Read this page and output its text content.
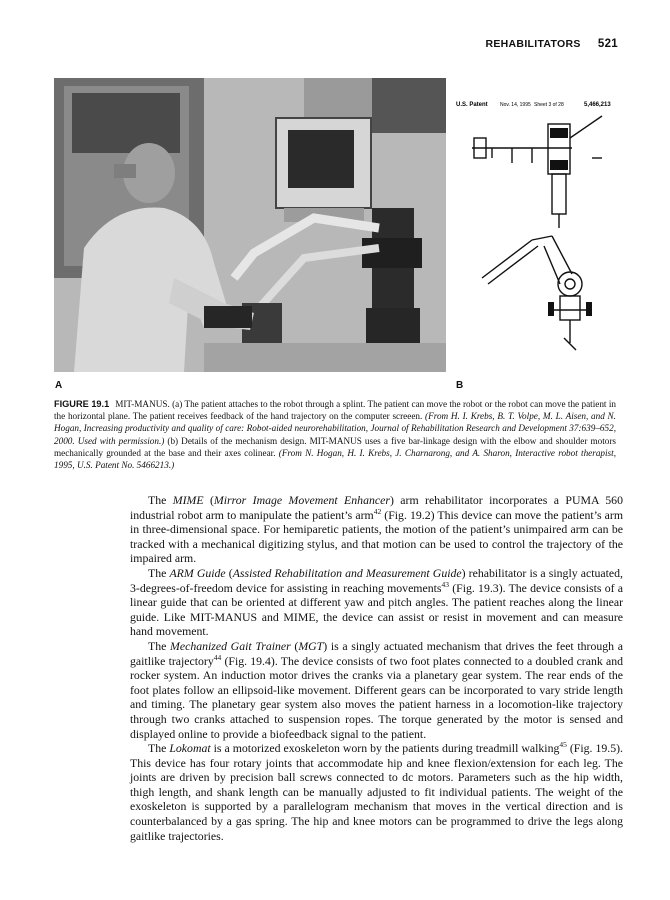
REHABILITATORS 521
U.S. Patent Nov. 14, 1995 Sheet 3 of 28	5,466,213
A	B
FIGURE 19.1 MIT-MANUS. (a) The patient attaches to the robot through a splint. The patient can move the robot or the robot can move the patient in the horizontal plane. The patient receives feedback of the hand trajectory on the computer screeen. (From H. I. Krebs, B. T. Volpe, M. L. Aisen, and N. Hogan, Increasing productivity and quality of care: Robot-aided neurorehabilitation, Journal of Rehabilitation Research and Development 37:639–652, 2000. Used with permission.) (b) Details of the mechanism design. MIT-MANUS uses a five bar-linkage design with the elbow and shoulder motors mechanically grounded at the base and their axes colinear. (From N. Hogan, H. I. Krebs, J. Charnarong, and A. Sharon, Interactive robot therapist, 1995, U.S. Patent No. 5466213.)

The MIME (Mirror Image Movement Enhancer) arm rehabilitator incorporates a PUMA 560 industrial robot arm to manipulate the patient’s arm$^{42}$ (Fig. 19.2) This device can move the patient’s arm in three-dimensional space. For hemiparetic patients, the motion of the patient’s unimpaired arm can be tracked with a mechanical digitizing stylus, and that motion can be used to control the trajectory of the impaired arm.

The ARM Guide (Assisted Rehabilitation and Measurement Guide) rehabilitator is a singly actuated, 3-degrees-of-freedom device for assisting in reaching movements$^{43}$ (Fig. 19.3). The device consists of a linear guide that can be oriented at different yaw and pitch angles. The patient reaches along the linear guide. Like MIT-MANUS and MIME, the device can assist or resist in movement and can measure hand movement.

The Mechanized Gait Trainer (MGT) is a singly actuated mechanism that drives the feet through a gaitlike trajectory$^{44}$ (Fig. 19.4). The device consists of two foot plates connected to a doubled crank and rocker system. An induction motor drives the cranks via a planetary gear system. The rear ends of the foot plates follow an ellipsoid-like movement. Different gears can be incorporated to vary stride length and timing. The planetary gear system also moves the patient harness in a locomotion-like trajectory through two cranks attached to suspension ropes. The torque generated by the motor is sensed and displayed online to provide a biofeedback signal to the patient.

The Lokomat is a motorized exoskeleton worn by the patients during treadmill walking$^{45}$ (Fig. 19.5). This device has four rotary joints that accommodate hip and knee flexion/extension for each leg. The joints are driven by precision ball screws connected to dc motors. Parameters such as the hip width, thigh length, and shank length can be manually adjusted to fit individual patients. The weight of the exoskeleton is supported by a parallelogram mechanism that moves in the vertical direction and is counterbalanced by a gas spring. The hip and knee motors can be programmed to drive the legs along gaitlike trajectories.
